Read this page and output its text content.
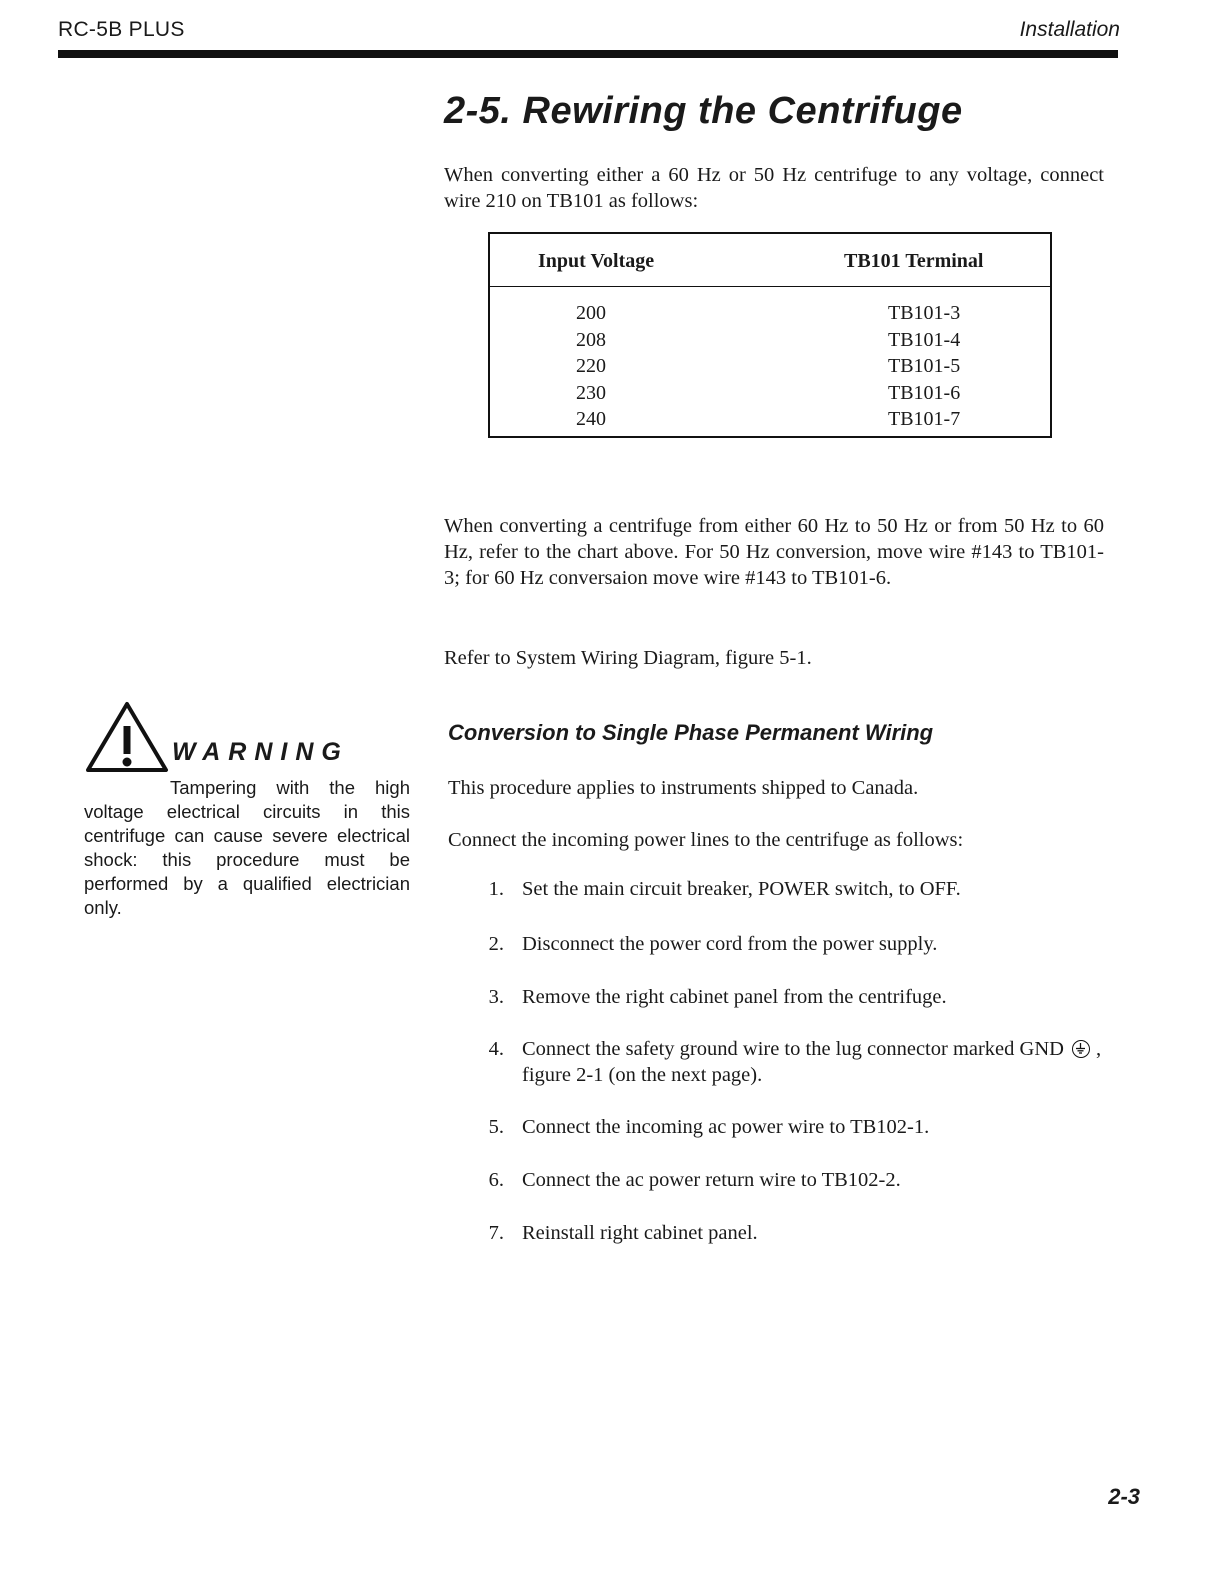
RC-5B PLUS	Installation
2-5. Rewiring the Centrifuge

When converting either a 60 Hz or 50 Hz centrifuge to any voltage, connect wire 210 on TB101 as follows:

Input Voltage	TB101 Terminal
200	TB101-3
208	TB101-4
220	TB101-5
230	TB101-6
240	TB101-7

When converting a centrifuge from either 60 Hz to 50 Hz or from 50 Hz to 60 Hz, refer to the chart above. For 50 Hz conversion, move wire #143 to TB101-3; for 60 Hz conversaion move wire #143 to TB101-6.

Refer to System Wiring Diagram, figure 5-1.

WARNING

Tampering with the high voltage electrical circuits in this centrifuge can cause severe electrical shock: this procedure must be performed by a qualified electrician only.

Conversion to Single Phase Permanent Wiring

This procedure applies to instruments shipped to Canada.

Connect the incoming power lines to the centrifuge as follows:

1. Set the main circuit breaker, POWER switch, to OFF.
2. Disconnect the power cord from the power supply.
3. Remove the right cabinet panel from the centrifuge.
4. Connect the safety ground wire to the lug connector marked GND , figure 2-1 (on the next page).
5. Connect the incoming ac power wire to TB102-1.
6. Connect the ac power return wire to TB102-2.
7. Reinstall right cabinet panel.
2-3
